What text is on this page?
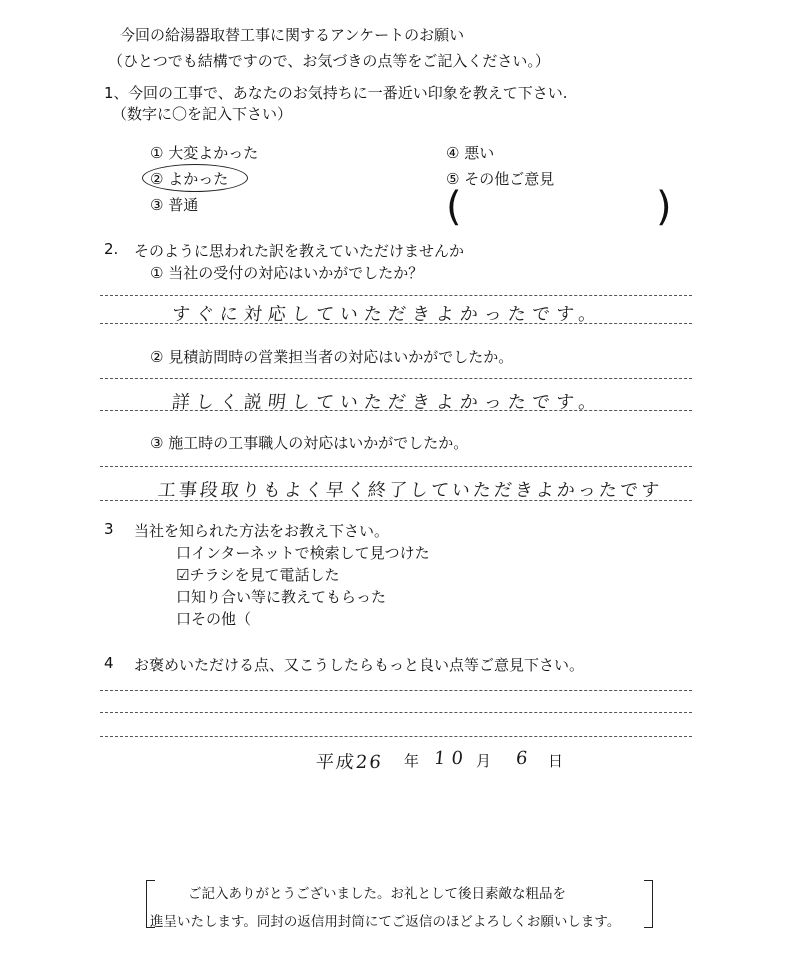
今回の給湯器取替工事に関するアンケートのお願い
（ひとつでも結構ですので、お気づきの点等をご記入ください。）
1、 今回の工事で、あなたのお気持ちに一番近い印象を教えて下さい.
（数字に〇を記入下さい）
① 大変よかった
② よかった
③ 普通
④ 悪い
⑤ その他ご意見
(	)
2. そのように思われた訳を教えていただけませんか
① 当社の受付の対応はいかがでしたか？
すぐに対応していただきよかったです。
② 見積訪問時の営業担当者の対応はいかがでしたか。
詳しく説明していただきよかったです。
③ 施工時の工事職人の対応はいかがでしたか。
工事段取りもよく早く終了していただきよかったです
3 当社を知られた方法をお教え下さい。
口インターネットで検索して見つけた
☑チラシを見て電話した
口知り合い等に教えてもらった
口その他（
4 お褒めいただける点、又こうしたらもっと良い点等ご意見下さい。
平成26 年 10 月 6 日
ご記入ありがとうございました。お礼として後日素敵な粗品を
進呈いたします。同封の返信用封筒にてご返信のほどよろしくお願いします。
